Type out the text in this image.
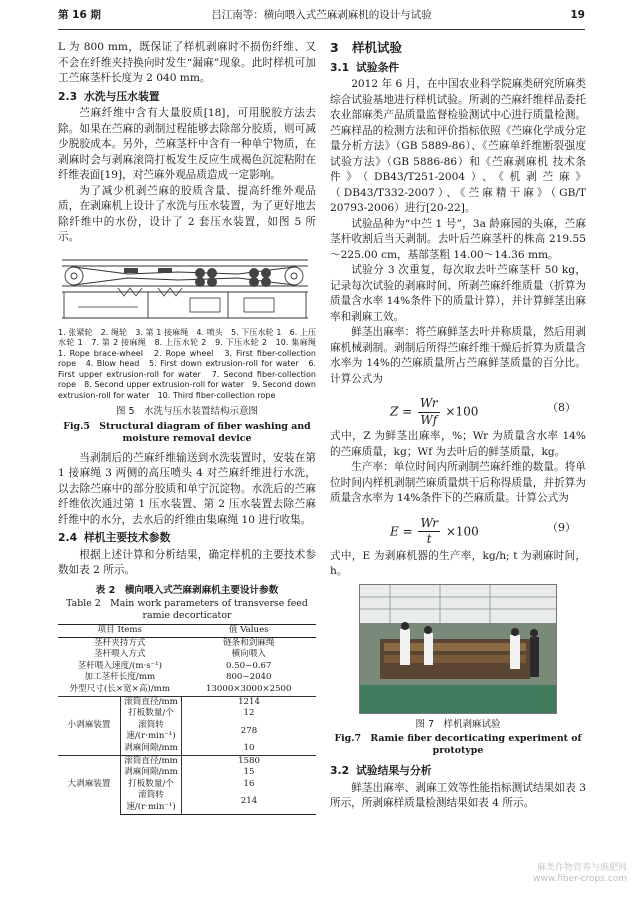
第 16 期	吕江南等：横向喂入式苎麻剥麻机的设计与试验	19

L 为 800 mm，既保证了样机剥麻时不损伤纤维、又不会在纤维夹持换向时发生“漏麻”现象。此时样机可加工苎麻茎杆长度为 2 040 mm。

2.3 水洗与压水装置

苎麻纤维中含有大量胶质[18]，可用脱胶方法去除。如果在苎麻的剥制过程能够去除部分胶质，则可减少脱胶成本。另外，苎麻茎杆中含有一种单宁物质，在剥麻时会与剥麻滚筒打板发生反应生成褐色沉淀粘附在纤维表面[19]，对苎麻外观品质造成一定影响。

为了减少机剥苎麻的胶质含量、提高纤维外观品质，在剥麻机上设计了水洗与压水装置，为了更好地去除纤维中的水份，设计了 2 套压水装置，如图 5 所示。

1. 张紧轮　2. 绳轮　3. 第 1 接麻绳　4. 喷头　5. 下压水轮 1　6. 上压水轮 1　7. 第 2 接麻绳　8. 上压水轮 2　9. 下压水轮 2　10. 集麻绳　1. Rope brace-wheel　2. Rope wheel　3. First fiber-collection rope　4. Blow head　5. First down extrusion-roll for water　6. First upper extrusion-roll for water　7. Second fiber-collection rope　8. Second upper extrusion-roll for water　9. Second down extrusion-roll for water　10. Third fiber-collection rope
图 5　水洗与压水装置结构示意图
Fig.5　Structural diagram of fiber washing and moisture removal device

当剥制后的苎麻纤维输送到水洗装置时，安装在第 1 接麻绳 3 两侧的高压喷头 4 对苎麻纤维进行水洗，以去除苎麻中的部分胶质和单宁沉淀物。水洗后的苎麻纤维依次通过第 1 压水装置、第 2 压水装置去除苎麻纤维中的水分，去水后的纤维由集麻绳 10 进行收集。

2.4 样机主要技术参数

根据上述计算和分析结果，确定样机的主要技术参数如表 2 所示。

表 2　横向喂入式苎麻剥麻机主要设计参数
Table 2　Main work parameters of transverse feed ramie decorticator
项目 Items		值 Values
茎杆夹持方式		链条和剑麻绳
茎杆喂入方式		横向喂入
茎杆喂入速度/(m·s⁻¹)		0.50~0.67
加工茎杆长度/mm		800~2040
外型尺寸(长×宽×高)/mm		13000×3000×2500
小剥麻装置	滚筒直径/mm	1214
	打板数量/个	12
	滚筒转速/(r·min⁻¹)	278
	剥麻间隙/mm	10
大剥麻装置	滚筒直径/mm	1580
	剥麻间隙/mm	15
	打板数量/个	16
	滚筒转速/(r·min⁻¹)	214
3 样机试验
3.1 试验条件

2012 年 6 月，在中国农业科学院麻类研究所麻类综合试验基地进行样机试验。所剥的苎麻纤维样品委托农业部麻类产品质量监督检验测试中心进行质量检测。苎麻样品的检测方法和评价指标依照《苎麻化学成分定量分析方法》（GB 5889-86）、《苎麻单纤维断裂强度试验方法》（GB 5886-86）和《苎麻剥麻机 技术条件》（DB43/T251-2004）、《机剥苎麻》（DB43/T332-2007）、《苎麻精干麻》（GB/T 20793-2006）进行[20-22]。

试验品种为“中苎 1 号”，3a 龄麻园的头麻，苎麻茎杆收割后当天剥制。去叶后苎麻茎杆的株高 219.55～225.00 cm，基部茎粗 14.00～14.36 mm。

试验分 3 次重复，每次取去叶苎麻茎杆 50 kg，记录每次试验的剥麻时间、所剥苎麻纤维质量（折算为质量含水率 14%条件下的质量计算），并计算鲜茎出麻率和剥麻工效。

鲜茎出麻率：将苎麻鲜茎去叶并称质量，然后用剥麻机械剥制。剥制后所得苎麻纤维干燥后折算为质量含水率为 14%的苎麻质量所占苎麻鲜茎质量的百分比。计算公式为

$Z = \frac{Wr}{Wf} \times 100$	（8）

式中，Z 为鲜茎出麻率，%；Wr 为质量含水率 14%的苎麻质量，kg；Wf 为去叶后的鲜茎质量，kg。

生产率：单位时间内所剥制苎麻纤维的数量。将单位时间内样机剥制苎麻质量烘干后称得质量，并折算为质量含水率为 14%条件下的苎麻质量。计算公式为

$E = \frac{Wr}{t} \times 100$	（9）

式中，E 为剥麻机器的生产率，kg/h; t 为剥麻时间，h。

图 7　样机剥麻试验
Fig.7　Ramie fiber decorticating experiment of prototype
3.2 试验结果与分析

鲜茎出麻率、剥麻工效等性能指标测试结果如表 3 所示，所剥麻样质量检测结果如表 4 所示。

麻类作物营养与施肥网
www.fiber-crops.com
